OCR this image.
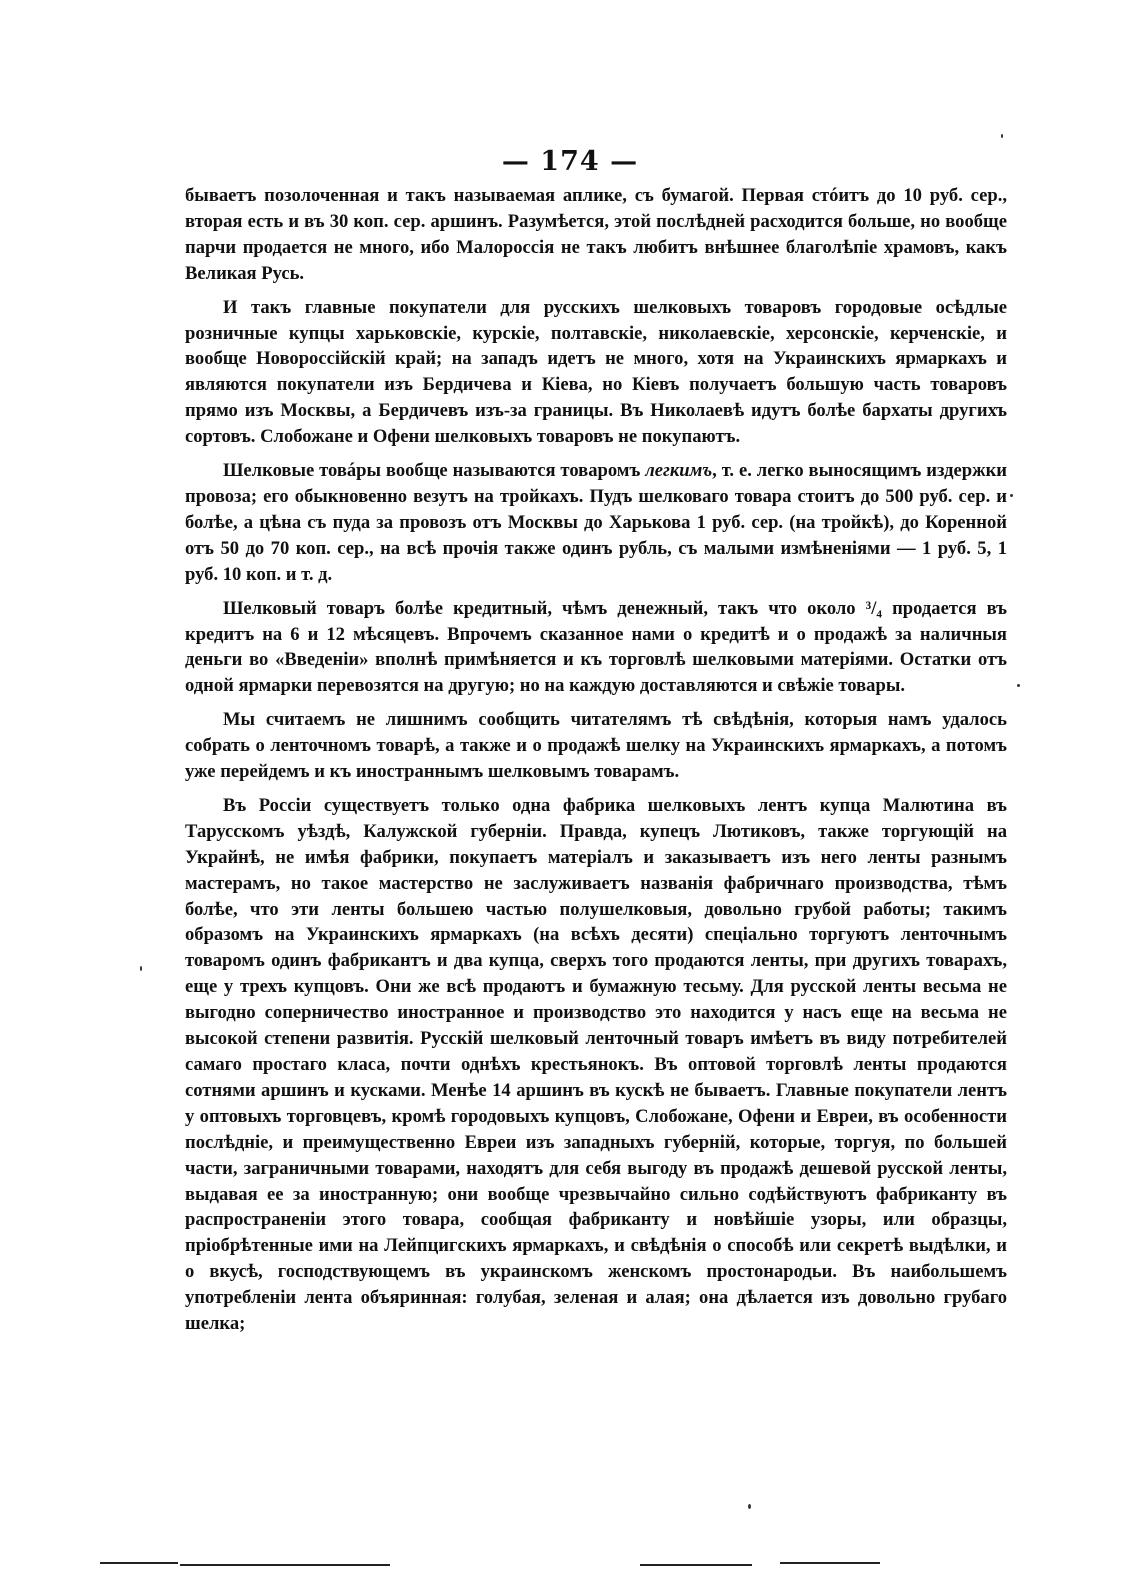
— 174 —

бываетъ позолоченная и такъ называемая аплике, съ бумагой. Первая стóитъ до 10 руб. сер., вторая есть и въ 30 коп. сер. аршинъ. Разумѣется, этой послѣдней расходится больше, но вообще парчи продается не много, ибо Малороссія не такъ любитъ внѣшнее благолѣпіе храмовъ, какъ Великая Русь.

И такъ главные покупатели для русскихъ шелковыхъ товаровъ городовые осѣдлые розничные купцы харьковскіе, курскіе, полтавскіе, николаевскіе, херсонскіе, керченскіе, и вообще Новороссійскій край; на западъ идетъ не много, хотя на Украинскихъ ярмаркахъ и являются покупатели изъ Бердичева и Кіева, но Кіевъ получаетъ большую часть товаровъ прямо изъ Москвы, а Бердичевъ изъ-за границы. Въ Николаевѣ идутъ болѣе бархаты другихъ сортовъ. Слобожане и Офени шелковыхъ товаровъ не покупаютъ.

Шелковые товáры вообще называются товаромъ легкимъ, т. е. легко выносящимъ издержки провоза; его обыкновенно везутъ на тройкахъ. Пудъ шелковаго товара стоитъ до 500 руб. сер. и болѣе, а цѣна съ пуда за провозъ отъ Москвы до Харькова 1 руб. сер. (на тройкѣ), до Коренной отъ 50 до 70 коп. сер., на всѣ прочія также одинъ рубль, съ малыми измѣненіями — 1 руб. 5, 1 руб. 10 коп. и т. д.

Шелковый товаръ болѣе кредитный, чѣмъ денежный, такъ что около ³/₄ продается въ кредитъ на 6 и 12 мѣсяцевъ. Впрочемъ сказанное нами о кредитѣ и о продажѣ за наличныя деньги во «Введеніи» вполнѣ примѣняется и къ торговлѣ шелковыми матеріями. Остатки отъ одной ярмарки перевозятся на другую; но на каждую доставляются и свѣжіе товары.

Мы считаемъ не лишнимъ сообщить читателямъ тѣ свѣдѣнія, которыя намъ удалось собрать о ленточномъ товарѣ, а также и о продажѣ шелку на Украинскихъ ярмаркахъ, а потомъ уже перейдемъ и къ иностраннымъ шелковымъ товарамъ.

Въ Россіи существуетъ только одна фабрика шелковыхъ лентъ купца Малютина въ Тарусскомъ уѣздѣ, Калужской губерніи. Правда, купецъ Лютиковъ, также торгующій на Украйнѣ, не имѣя фабрики, покупаетъ матеріалъ и заказываетъ изъ него ленты разнымъ мастерамъ, но такое мастерство не заслуживаетъ названія фабричнаго производства, тѣмъ болѣе, что эти ленты большею частью полушелковыя, довольно грубой работы; такимъ образомъ на Украинскихъ ярмаркахъ (на всѣхъ десяти) спеціально торгуютъ ленточнымъ товаромъ одинъ фабрикантъ и два купца, сверхъ того продаются ленты, при другихъ товарахъ, еще у трехъ купцовъ. Они же всѣ продаютъ и бумажную тесьму. Для русской ленты весьма не выгодно соперничество иностранное и производство это находится у насъ еще на весьма не высокой степени развитія. Русскій шелковый ленточный товаръ имѣетъ въ виду потребителей самаго простаго класа, почти однѣхъ крестьянокъ. Въ оптовой торговлѣ ленты продаются сотнями аршинъ и кусками. Менѣе 14 аршинъ въ кускѣ не бываетъ. Главные покупатели лентъ у оптовыхъ торговцевъ, кромѣ городовыхъ купцовъ, Слобожане, Офени и Евреи, въ особенности послѣдніе, и преимущественно Евреи изъ западныхъ губерній, которые, торгуя, по большей части, заграничными товарами, находятъ для себя выгоду въ продажѣ дешевой русской ленты, выдавая ее за иностранную; они вообще чрезвычайно сильно содѣйствуютъ фабриканту въ распространеніи этого товара, сообщая фабриканту и новѣйшіе узоры, или образцы, пріобрѣтенные ими на Лейпцигскихъ ярмаркахъ, и свѣдѣнія о способѣ или секретѣ выдѣлки, и о вкусѣ, господствующемъ въ украинскомъ женскомъ простонародьи. Въ наибольшемъ употребленіи лента объяринная: голубая, зеленая и алая; она дѣлается изъ довольно грубаго шелка;
